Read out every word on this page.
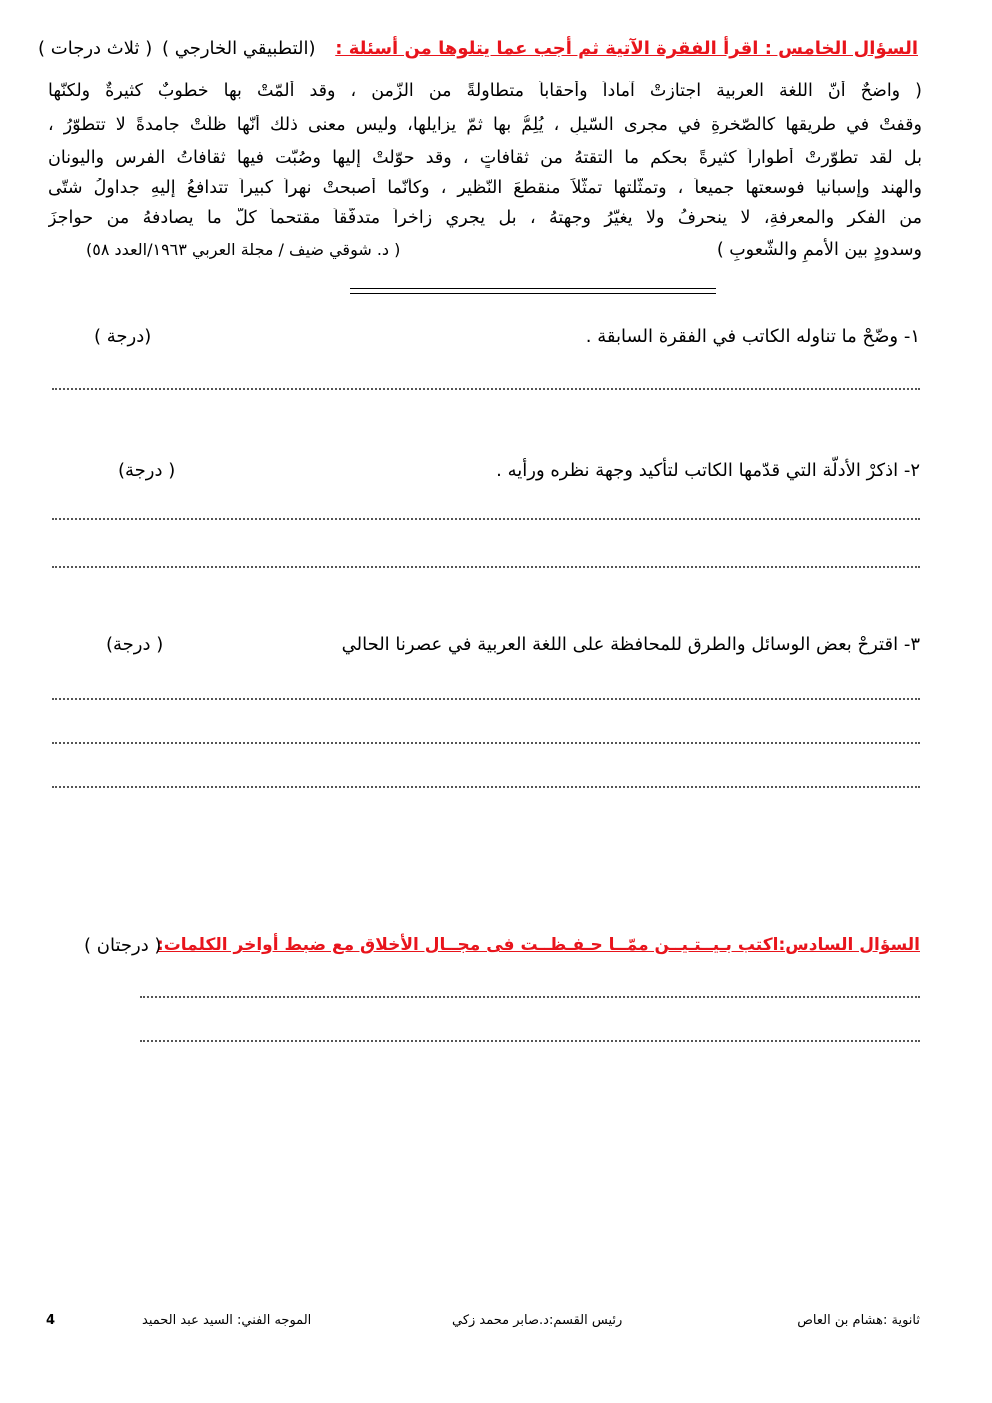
السؤال الخامس : اقرأ الفقرة الآتية ثم أجب عما يتلوها من أسئلة : (التطبيقي الخارجي ) ( ثلاث درجات )
( واضحٌ أنّ اللغة العربية اجتازتْ آماداً وأحقاباً متطاولةً من الزّمن ، وقد ألمّتْ بها خطوبٌ كثيرةٌ ولكنّها
وقفتْ في طريقها كالصّخرةِ في مجرى السّيلِ ، يُلِمُّ بها ثمّ يزايلها، وليس معنى ذلك أنّها ظلّتْ جامدةً لا تتطوّرُ ،
بل لقد تطوّرتْ أطواراً كثيرةً بحكمِ ما التقتهُ من ثقافاتٍ ، وقد حوّلتْ إليها وصُبّت فيها ثقافاتُ الفرس واليونان
والهند وإسبانيا فوسعتها جميعاً ، وتمثّلتها تمثّلاً منقطعَ النّظيرِ ، وكأنّما أصبحتْ نهراً كبيراً تتدافعُ إليهِ جداولُ شتّى
من الفكرِ والمعرفةِ، لا ينحرفُ ولا يغيّرُ وِجهتهُ ، بل يجري زاخراً متدفّقاً مقتحماً كلّ ما يصادفهُ من حواجزَ
وسدودٍ بين الأممِ والشّعوبِ )
( د. شوقي ضيف / مجلة العربي ١٩٦٣/العدد ٥٨)
١- وضّحْ ما تناوله الكاتب في الفقرة السابقة .
(درجة )
٢- اذكرْ الأدلّة التي قدّمها الكاتب لتأكيد وجهة نظره ورأيه .
( درجة)
٣- اقترحْ بعض الوسائل والطرق للمحافظة على اللغة العربية في عصرنا الحالي
( درجة)
السؤال السادس:اكتب بـيــتـيــن ممّــا حـفـظــت فى مجــال الأخلاق مع ضبط أواخر الكلمات:
( درجتان )
ثانوية :هشام بن العاص
رئيس القسم:د.صابر محمد زكي
الموجه الفني: السيد عبد الحميد
4
